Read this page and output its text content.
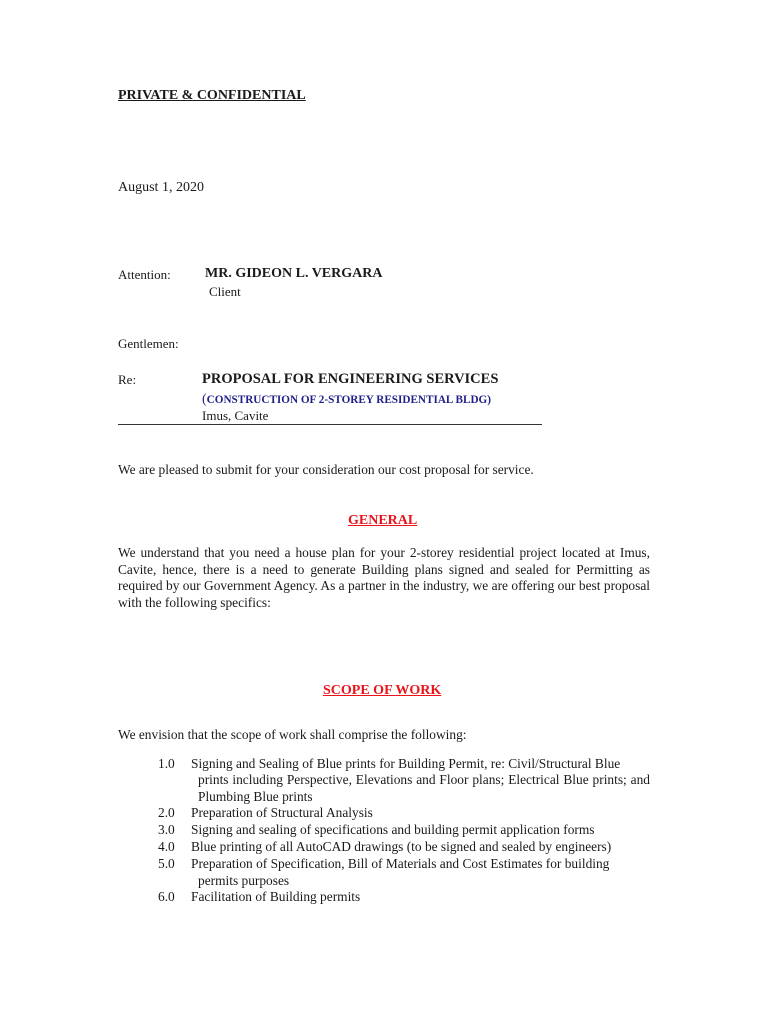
PRIVATE & CONFIDENTIAL
August 1, 2020
Attention: MR. GIDEON L. VERGARA
Client
Gentlemen:
Re:	PROPOSAL FOR ENGINEERING SERVICES
(CONSTRUCTION OF 2-STOREY RESIDENTIAL BLDG)
Imus, Cavite
We are pleased to submit for your consideration our cost proposal for service.
GENERAL
We understand that you need a house plan for your 2-storey residential project located at Imus, Cavite, hence, there is a need to generate Building plans signed and sealed for Permitting as required by our Government Agency. As a partner in the industry, we are offering our best proposal with the following specifics:
SCOPE OF WORK
We envision that the scope of work shall comprise the following:
1.0 Signing and Sealing of Blue prints for Building Permit, re: Civil/Structural Blue
prints including Perspective, Elevations and Floor plans; Electrical Blue prints; and Plumbing Blue prints
2.0 Preparation of Structural Analysis
3.0 Signing and sealing of specifications and building permit application forms
4.0 Blue printing of all AutoCAD drawings (to be signed and sealed by engineers)
5.0 Preparation of Specification, Bill of Materials and Cost Estimates for building
permits purposes
6.0 Facilitation of Building permits
